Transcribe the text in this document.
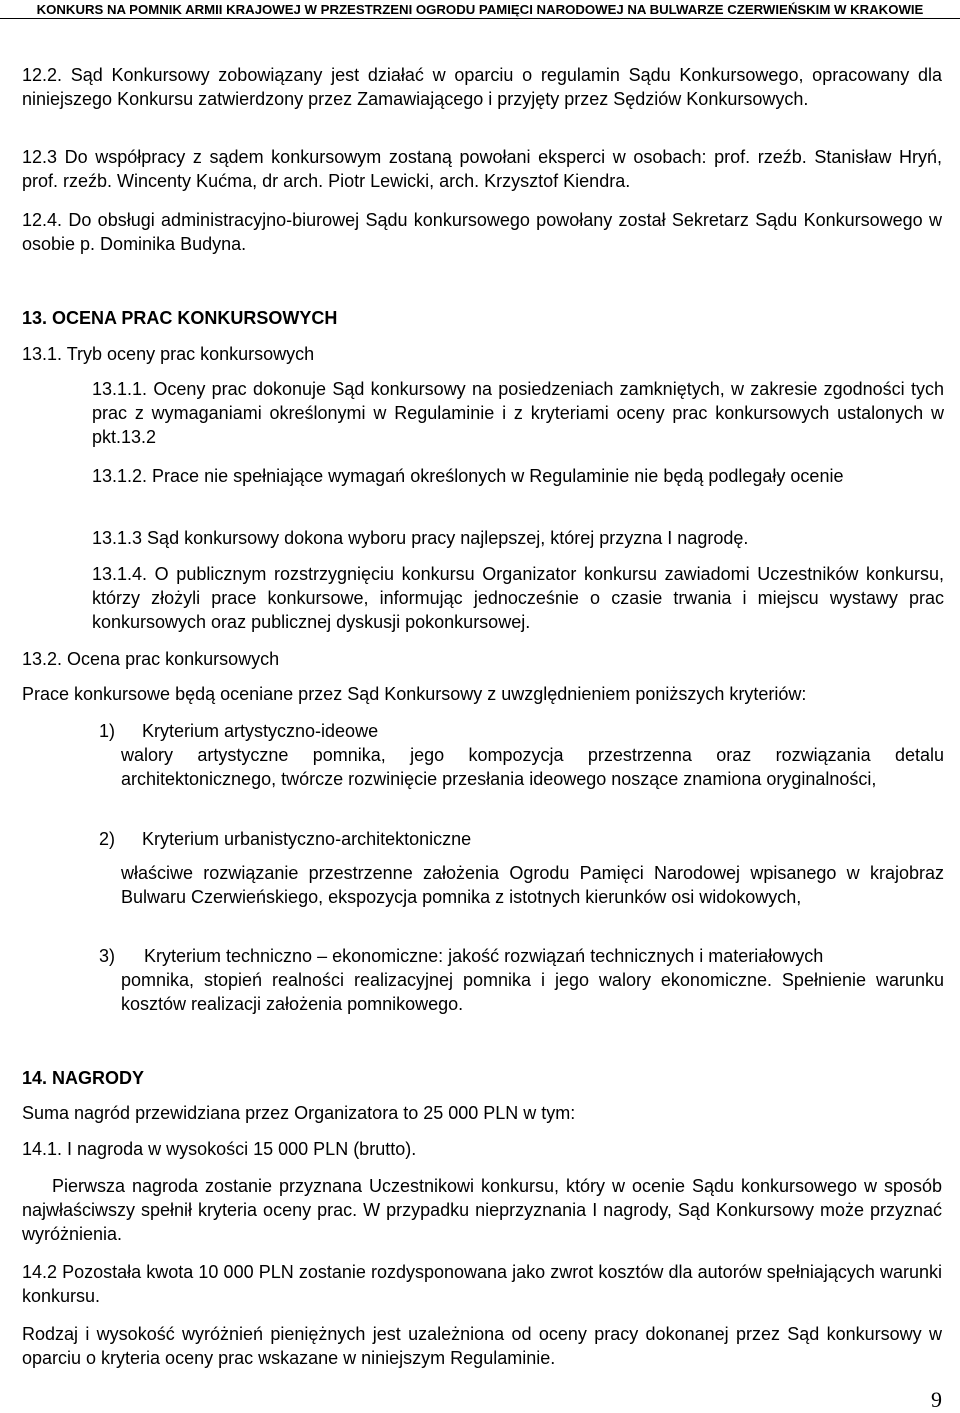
KONKURS NA POMNIK ARMII KRAJOWEJ W PRZESTRZENI OGRODU PAMIĘCI NARODOWEJ NA BULWARZE CZERWIEŃSKIM W KRAKOWIE

12.2. Sąd Konkursowy zobowiązany jest działać w oparciu o regulamin Sądu Konkursowego, opracowany dla niniejszego Konkursu zatwierdzony przez Zamawiającego i przyjęty przez Sędziów Konkursowych.

12.3 Do współpracy z sądem konkursowym zostaną powołani eksperci w osobach: prof. rzeźb. Stanisław Hryń, prof. rzeźb. Wincenty Kućma, dr arch. Piotr Lewicki, arch. Krzysztof Kiendra.

12.4. Do obsługi administracyjno-biurowej Sądu konkursowego powołany został Sekretarz Sądu Konkursowego w osobie p. Dominika Budyna.

13. OCENA PRAC KONKURSOWYCH

13.1. Tryb oceny prac konkursowych

13.1.1. Oceny prac dokonuje Sąd konkursowy na posiedzeniach zamkniętych, w zakresie zgodności tych prac z wymaganiami określonymi w Regulaminie i z kryteriami oceny prac konkursowych ustalonych w pkt.13.2

13.1.2. Prace nie spełniające wymagań określonych w Regulaminie nie będą podlegały ocenie

13.1.3 Sąd konkursowy dokona wyboru pracy najlepszej, której przyzna I nagrodę.

13.1.4. O publicznym rozstrzygnięciu konkursu Organizator konkursu zawiadomi Uczestników konkursu, którzy złożyli prace konkursowe, informując jednocześnie o czasie trwania i miejscu wystawy prac konkursowych oraz publicznej dyskusji pokonkursowej.

13.2. Ocena prac konkursowych

Prace konkursowe będą oceniane przez Sąd Konkursowy z uwzględnieniem poniższych kryteriów:

1) Kryterium artystyczno-ideowe

walory artystyczne pomnika, jego kompozycja przestrzenna oraz rozwiązania detalu architektonicznego, twórcze rozwinięcie przesłania ideowego noszące znamiona oryginalności,

2) Kryterium urbanistyczno-architektoniczne

właściwe rozwiązanie przestrzenne założenia Ogrodu Pamięci Narodowej wpisanego w krajobraz Bulwaru Czerwieńskiego, ekspozycja pomnika z istotnych kierunków osi widokowych,

3) Kryterium techniczno – ekonomiczne: jakość rozwiązań technicznych i materiałowych

pomnika, stopień realności realizacyjnej pomnika i jego walory ekonomiczne. Spełnienie warunku kosztów realizacji założenia pomnikowego.

14. NAGRODY

Suma nagród przewidziana przez Organizatora to 25 000 PLN w tym:

14.1. I nagroda w wysokości 15 000 PLN (brutto).

Pierwsza nagroda zostanie przyznana Uczestnikowi konkursu, który w ocenie Sądu konkursowego w sposób najwłaściwszy spełnił kryteria oceny prac. W przypadku nieprzyznania I nagrody, Sąd Konkursowy może przyznać wyróżnienia.

14.2 Pozostała kwota 10 000 PLN zostanie rozdysponowana jako zwrot kosztów dla autorów spełniających warunki konkursu.

Rodzaj i wysokość wyróżnień pieniężnych jest uzależniona od oceny pracy dokonanej przez Sąd konkursowy w oparciu o kryteria oceny prac wskazane w niniejszym Regulaminie.

9
